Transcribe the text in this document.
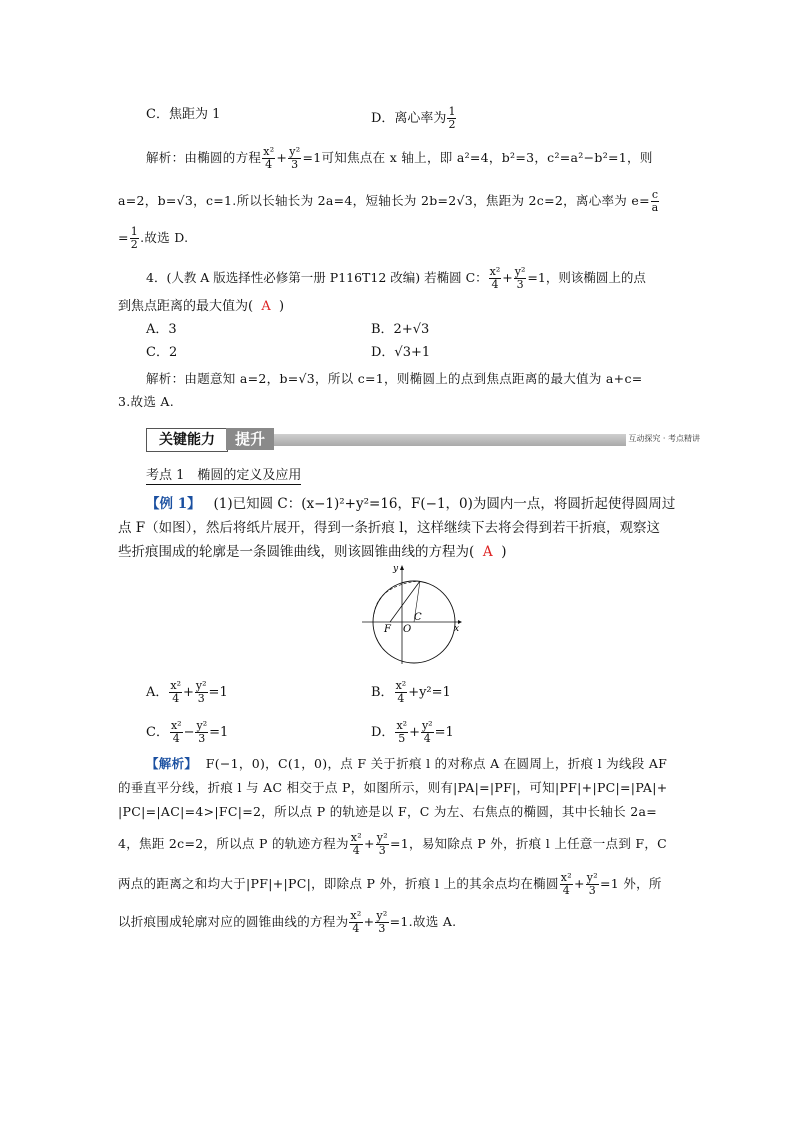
C．焦距为 1	D．离心率为 $\frac{1}{2}$
解析：由椭圆的方程 $\frac{\text{x²}}{4} + \frac{\text{y²}}{3} =1$可知焦点在 x 轴上，即 a²=4，b²=3，c²=a²−b²=1，则
a=2，b=√3，c=1.所以长轴长为 2a=4，短轴长为 2b=2√3，焦距为 2c=2，离心率为 $e= \frac{c}{a}$
= $\frac{1}{2}$ .故选 D.
4．(人教 A 版选择性必修第一册 P116T12 改编) 若椭圆 C： $\frac{\text{x²}}{4} + \frac{\text{y²}}{3} =1$，则该椭圆上的点
到焦点距离的最大值为( A )
A．3	B．2+√3
C．2	D．√3+1
解析：由题意知 a=2，b=√3，所以 c=1，则椭圆上的点到焦点距离的最大值为 a+c=
3.故选 A.
关键能力	提升	互动探究 · 考点精讲
考点 1　椭圆的定义及应用
【例 1】 (1)已知圆 C：(x−1)²+y²=16，F(−1，0)为圆内一点，将圆折起使得圆周过
点 F（如图），然后将纸片展开，得到一条折痕 l，这样继续下去将会得到若干折痕，观察这
些折痕围成的轮廓是一条圆锥曲线，则该圆锥曲线的方程为( A )
y
x
F O
C
A． $\frac{\text{x²}}{4} + \frac{\text{y²}}{3} =1$	B． $\frac{\text{x²}}{4} +y^2=1$
C． $\frac{\text{x²}}{4} - \frac{\text{y²}}{3} =1$	D． $\frac{\text{x²}}{5} + \frac{\text{y²}}{4} =1$
【解析】 F(−1，0)，C(1，0)，点 F 关于折痕 l 的对称点 A 在圆周上，折痕 l 为线段 AF
的垂直平分线，折痕 l 与 AC 相交于点 P，如图所示，则有|PA|=|PF|，可知|PF|+|PC|=|PA|+
|PC|=|AC|=4>|FC|=2，所以点 P 的轨迹是以 F，C 为左、右焦点的椭圆，其中长轴长 2a=
4，焦距 2c=2，所以点 P 的轨迹方程为 $\frac{\text{x²}}{4} + \frac{\text{y²}}{3} =1$，易知除点 P 外，折痕 l 上任意一点到 F，C
两点的距离之和均大于|PF|+|PC|，即除点 P 外，折痕 l 上的其余点均在椭圆 $\frac{\text{x²}}{4} + \frac{\text{y²}}{3} =1$ 外，所
以折痕围成轮廓对应的圆锥曲线的方程为 $\frac{\text{x²}}{4} + \frac{\text{y²}}{3} =1$.故选 A.
